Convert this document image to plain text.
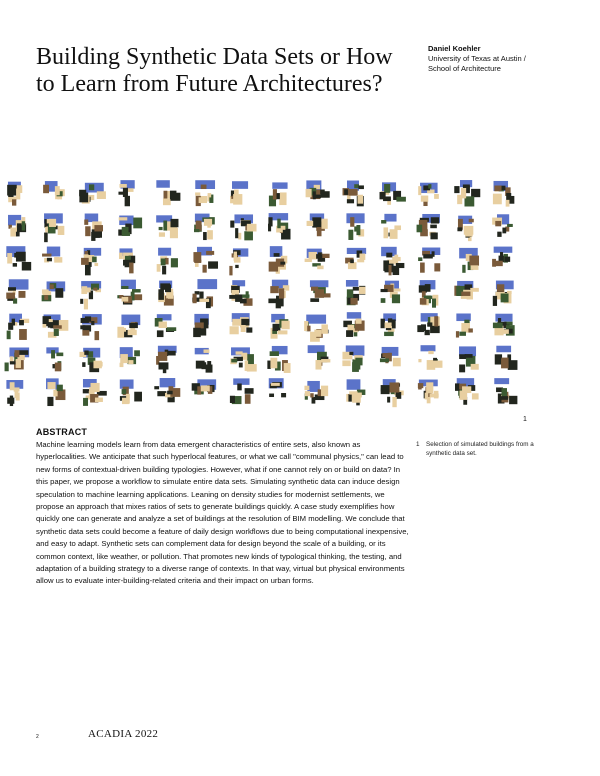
Building Synthetic Data Sets or How to Learn from Future Architectures?
Daniel Koehler
University of Texas at Austin /
School of Architecture
1
ABSTRACT

Machine learning models learn from data emergent characteristics of entire sets, also known as hyperlocalities. We anticipate that such hyperlocal features, or what we call "communal physics," can lead to new forms of contextual-driven building typologies. However, what if one cannot rely on or build on data? In this paper, we propose a workflow to simulate entire data sets. Simulating synthetic data can induce design speculation to machine learning applications. Leaning on density studies for modernist settlements, we propose an approach that mixes ratios of sets to generate buildings quickly. A case study exemplifies how quickly one can generate and analyze a set of buildings at the resolution of BIM modelling. We conclude that synthetic data sets could become a feature of daily design workflows due to being computational inexpensive, and easy to adapt. Synthetic sets can complement data for design beyond the scale of a building, or its common context, like weather, or pollution. That promotes new kinds of typological thinking, the testing, and adaptation of a building strategy to a diverse range of contexts. In that way, virtual but physical environments allow us to evaluate inter-building-related criteria and their impact on urban forms.

1 Selection of simulated buildings from a synthetic data set.
2	ACADIA 2022
